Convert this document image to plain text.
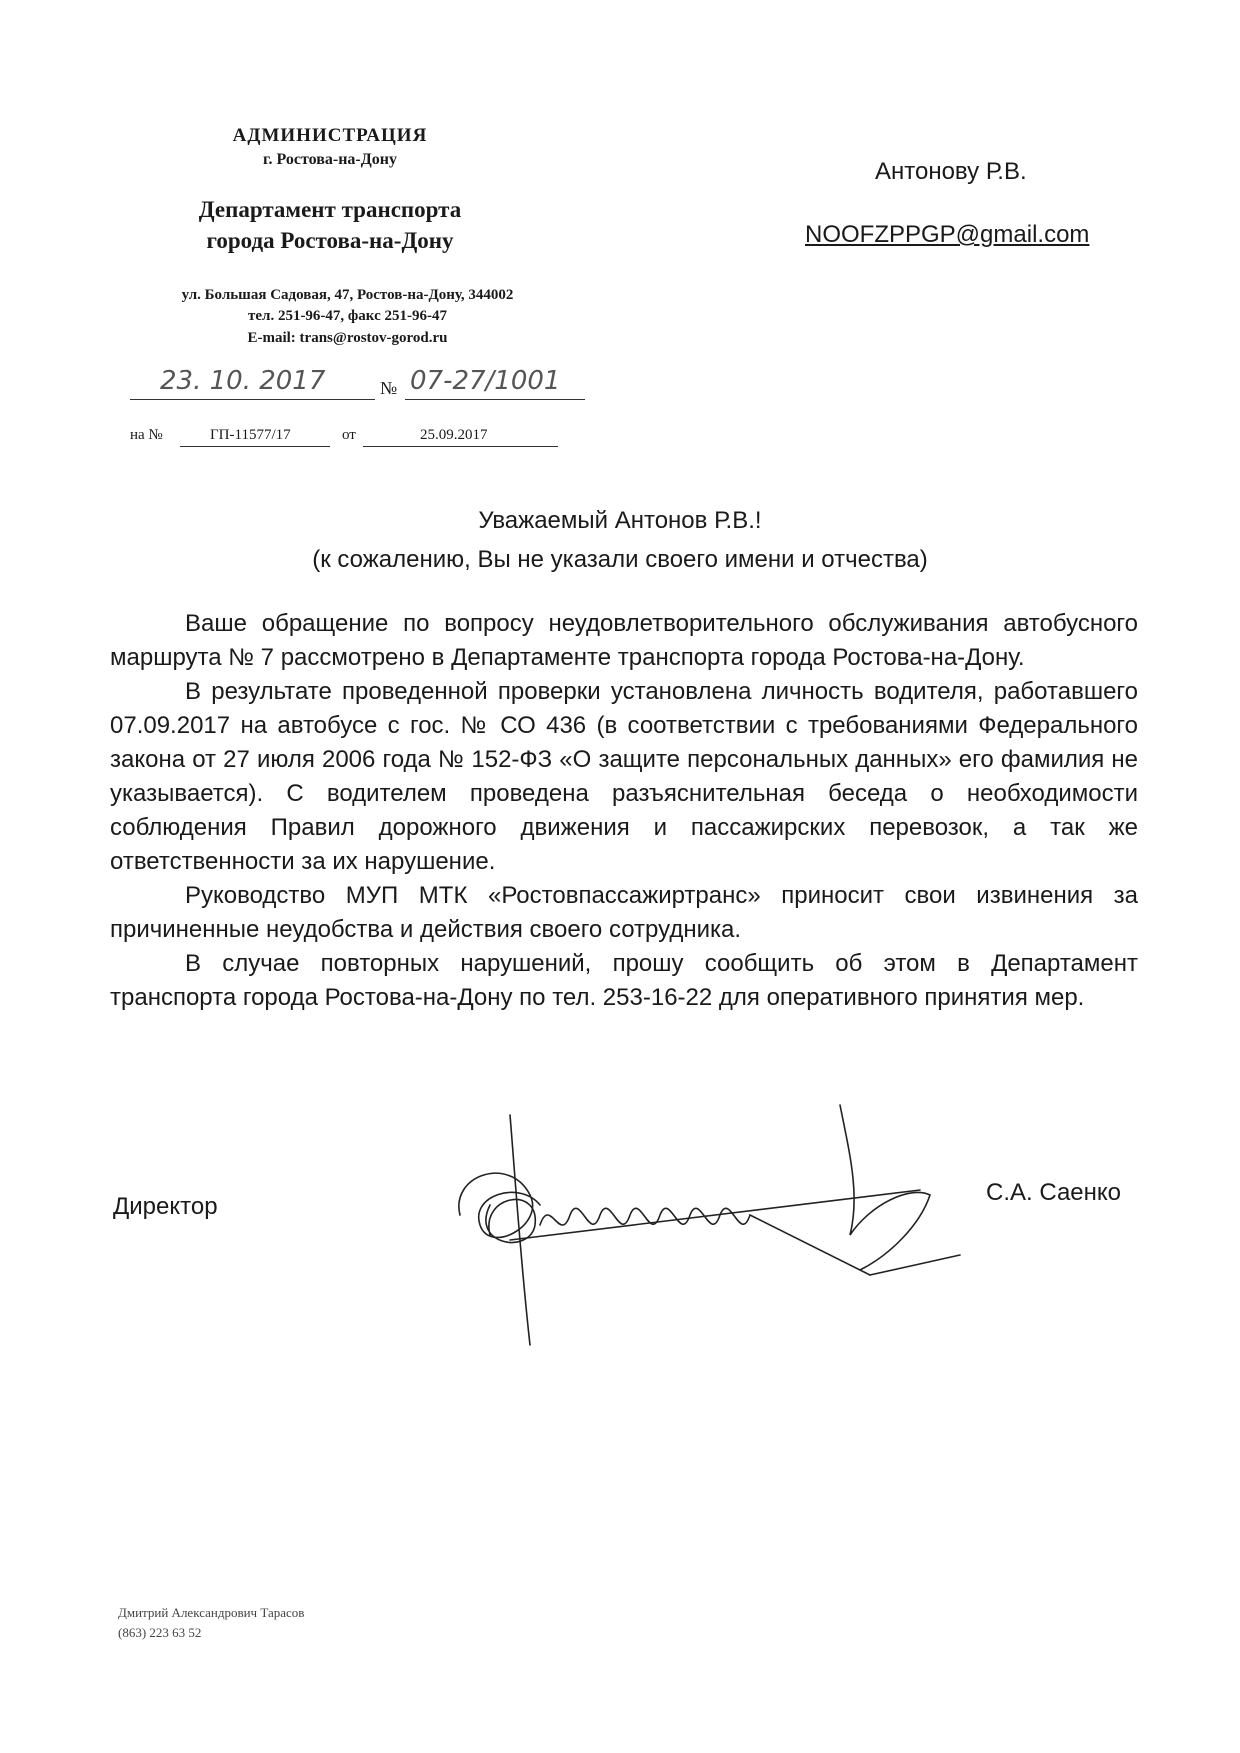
АДМИНИСТРАЦИЯ
г. Ростова-на-Дону
Департамент транспорта
города Ростова-на-Дону
ул. Большая Садовая, 47, Ростов-на-Дону, 344002
тел. 251-96-47, факс 251-96-47
E-mail: trans@rostov-gorod.ru
23. 10. 2017	№ 07-27/1001
на №	ГП-11577/17	от	25.09.2017
Антонову Р.В.
NOOFZPPGP@gmail.com
Уважаемый Антонов Р.В.!
(к сожалению, Вы не указали своего имени и отчества)

Ваше обращение по вопросу неудовлетворительного обслуживания автобусного маршрута № 7 рассмотрено в Департаменте транспорта города Ростова-на-Дону.

В результате проведенной проверки установлена личность водителя, работавшего 07.09.2017 на автобусе с гос. № СО 436 (в соответствии с требованиями Федерального закона от 27 июля 2006 года № 152-ФЗ «О защите персональных данных» его фамилия не указывается). С водителем проведена разъяснительная беседа о необходимости соблюдения Правил дорожного движения и пассажирских перевозок, а так же ответственности за их нарушение.

Руководство МУП МТК «Ростовпассажиртранс» приносит свои извинения за причиненные неудобства и действия своего сотрудника.

В случае повторных нарушений, прошу сообщить об этом в Департамент транспорта города Ростова-на-Дону по тел. 253-16-22 для оперативного принятия мер.

Директор
С.А. Саенко
Дмитрий Александрович Тарасов
(863) 223 63 52
